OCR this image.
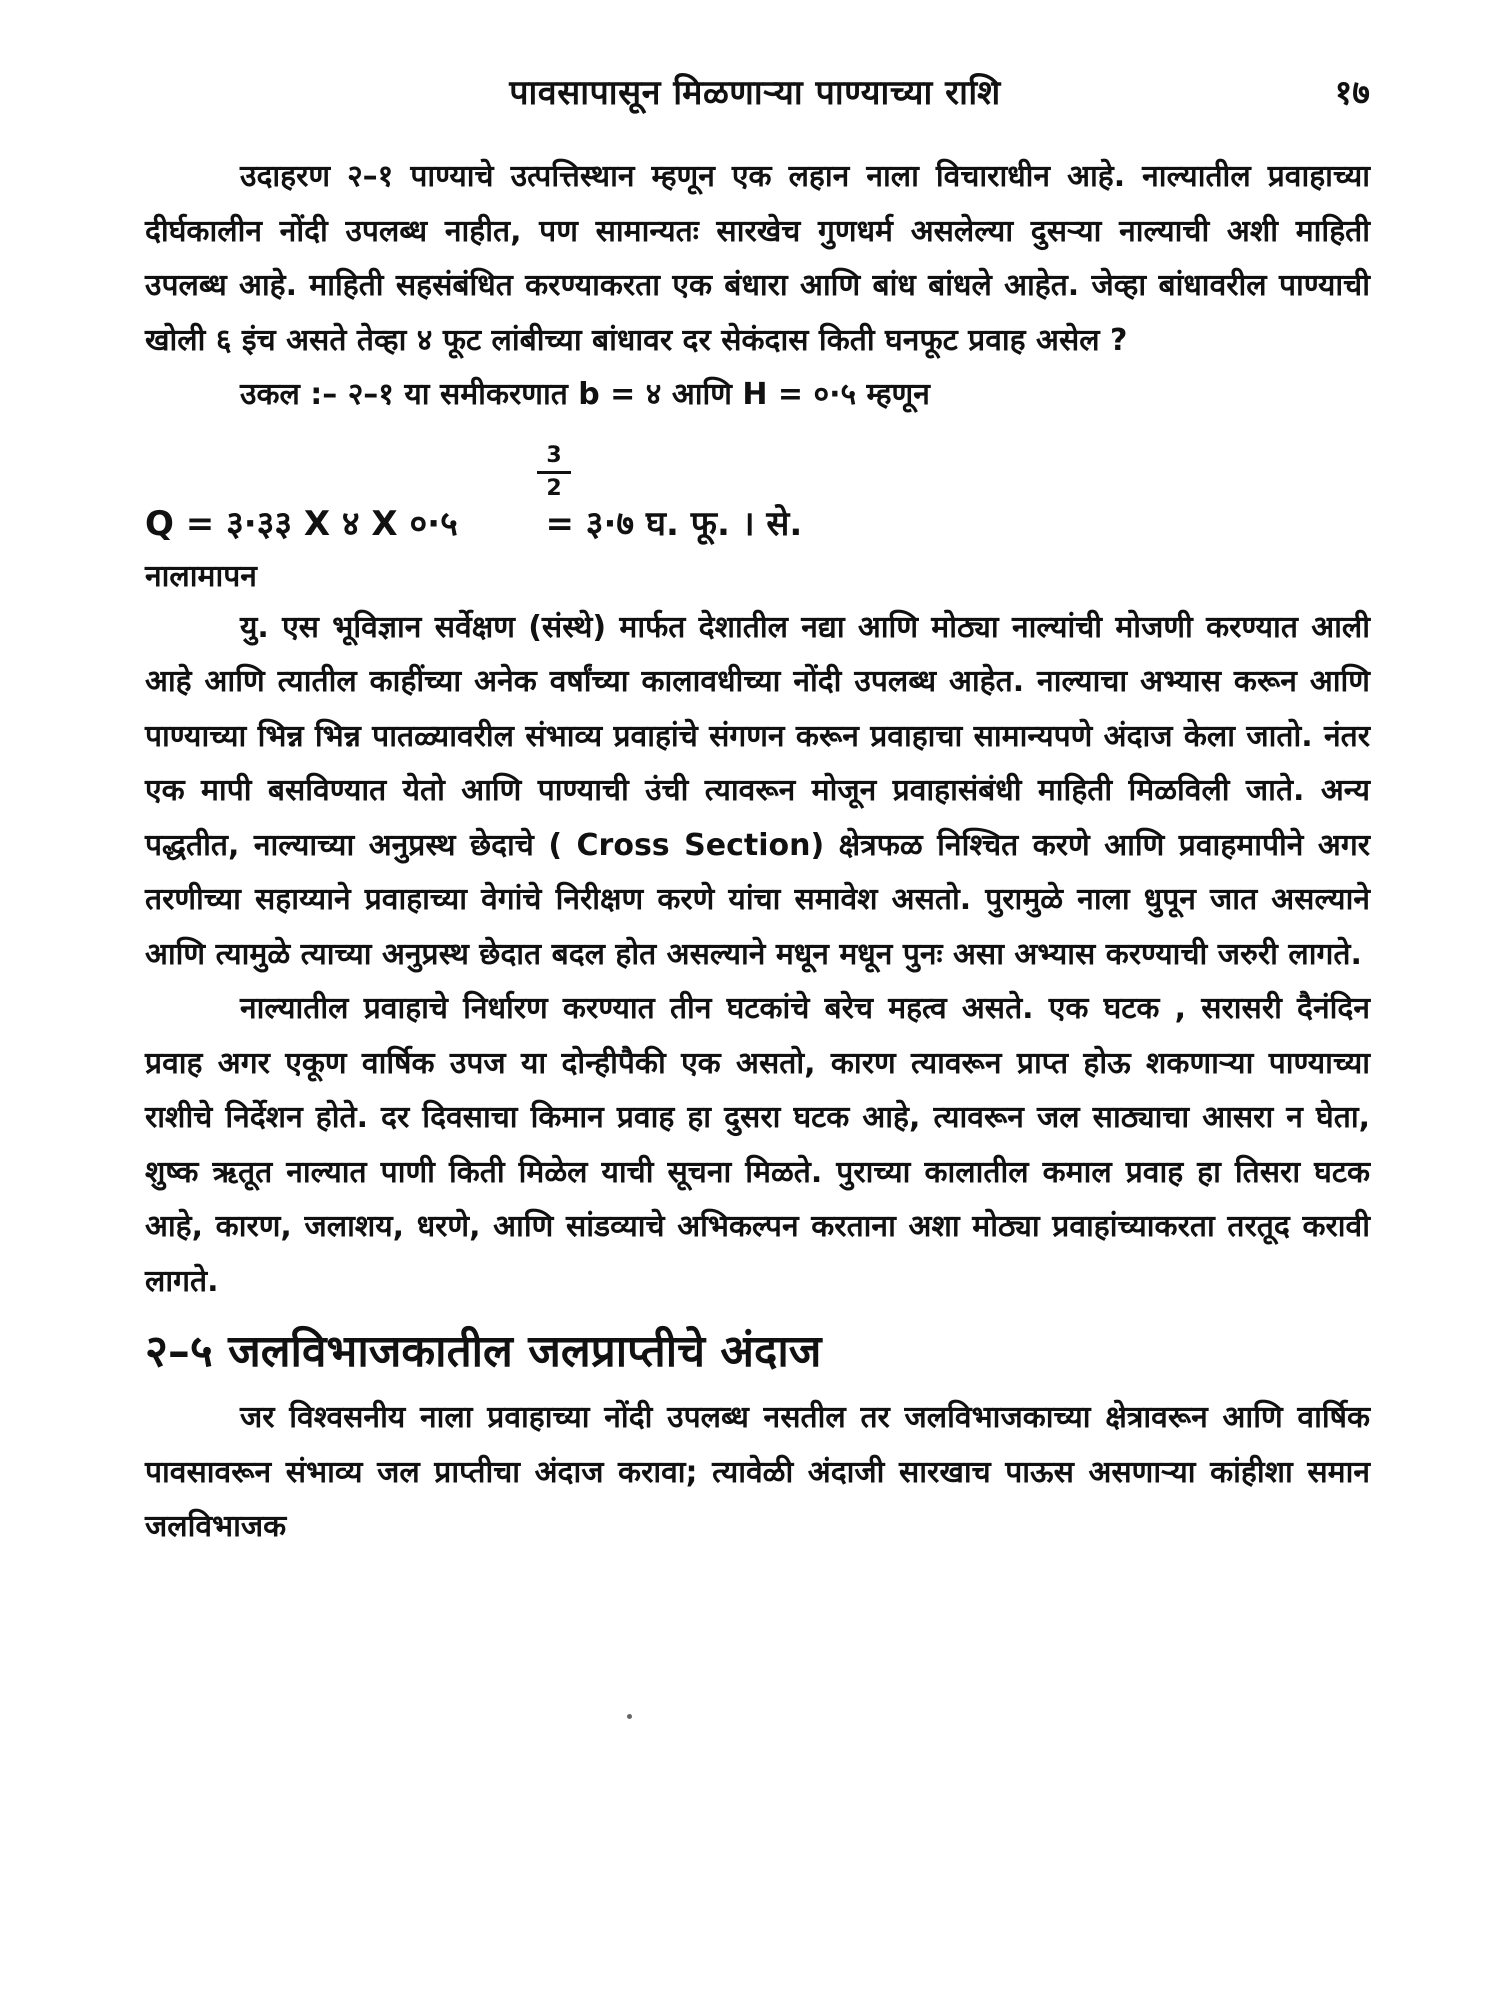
पावसापासून मिळणाऱ्या पाण्याच्या राशि	१७

उदाहरण २–१ पाण्याचे उत्पत्तिस्थान म्हणून एक लहान नाला विचाराधीन आहे. नाल्यातील प्रवाहाच्या दीर्घकालीन नोंदी उपलब्ध नाहीत, पण सामान्यतः सारखेच गुणधर्म असलेल्या दुसऱ्या नाल्याची अशी माहिती उपलब्ध आहे. माहिती सहसंबंधित करण्याकरता एक बंधारा आणि बांध बांधले आहेत. जेव्हा बांधावरील पाण्याची खोली ६ इंच असते तेव्हा ४ फूट लांबीच्या बांधावर दर सेकंदास किती घनफूट प्रवाह असेल ?

उकल :– २–१ या समीकरणात b = ४ आणि H = ०·५ म्हणून
Q = ३·३३ X ४ X ०·५	= ३·७ घ. फू. । से.
3
2
नालामापन

यु. एस भूविज्ञान सर्वेक्षण (संस्थे) मार्फत देशातील नद्या आणि मोठ्या नाल्यांची मोजणी करण्यात आली आहे आणि त्यातील काहींच्या अनेक वर्षांच्या कालावधीच्या नोंदी उपलब्ध आहेत. नाल्याचा अभ्यास करून आणि पाण्याच्या भिन्न भिन्न पातळ्यावरील संभाव्य प्रवाहांचे संगणन करून प्रवाहाचा सामान्यपणे अंदाज केला जातो. नंतर एक मापी बसविण्यात येतो आणि पाण्याची उंची त्यावरून मोजून प्रवाहासंबंधी माहिती मिळविली जाते. अन्य पद्धतीत, नाल्याच्या अनुप्रस्थ छेदाचे ( Cross Section) क्षेत्रफळ निश्चित करणे आणि प्रवाहमापीने अगर तरणीच्या सहाय्याने प्रवाहाच्या वेगांचे निरीक्षण करणे यांचा समावेश असतो. पुरामुळे नाला धुपून जात असल्याने आणि त्यामुळे त्याच्या अनुप्रस्थ छेदात बदल होत असल्याने मधून मधून पुनः असा अभ्यास करण्याची जरुरी लागते.

नाल्यातील प्रवाहाचे निर्धारण करण्यात तीन घटकांचे बरेच महत्व असते. एक घटक , सरासरी दैनंदिन प्रवाह अगर एकूण वार्षिक उपज या दोन्हीपैकी एक असतो, कारण त्यावरून प्राप्त होऊ शकणाऱ्या पाण्याच्या राशीचे निर्देशन होते. दर दिवसाचा किमान प्रवाह हा दुसरा घटक आहे, त्यावरून जल साठ्याचा आसरा न घेता, शुष्क ऋतूत नाल्यात पाणी किती मिळेल याची सूचना मिळते. पुराच्या कालातील कमाल प्रवाह हा तिसरा घटक आहे, कारण, जलाशय, धरणे, आणि सांडव्याचे अभिकल्पन करताना अशा मोठ्या प्रवाहांच्याकरता तरतूद करावी लागते.

२–५ जलविभाजकातील जलप्राप्तीचे अंदाज

जर विश्वसनीय नाला प्रवाहाच्या नोंदी उपलब्ध नसतील तर जलविभाजकाच्या क्षेत्रावरून आणि वार्षिक पावसावरून संभाव्य जल प्राप्तीचा अंदाज करावा; त्यावेळी अंदाजी सारखाच पाऊस असणाऱ्या कांहीशा समान जलविभाजक
